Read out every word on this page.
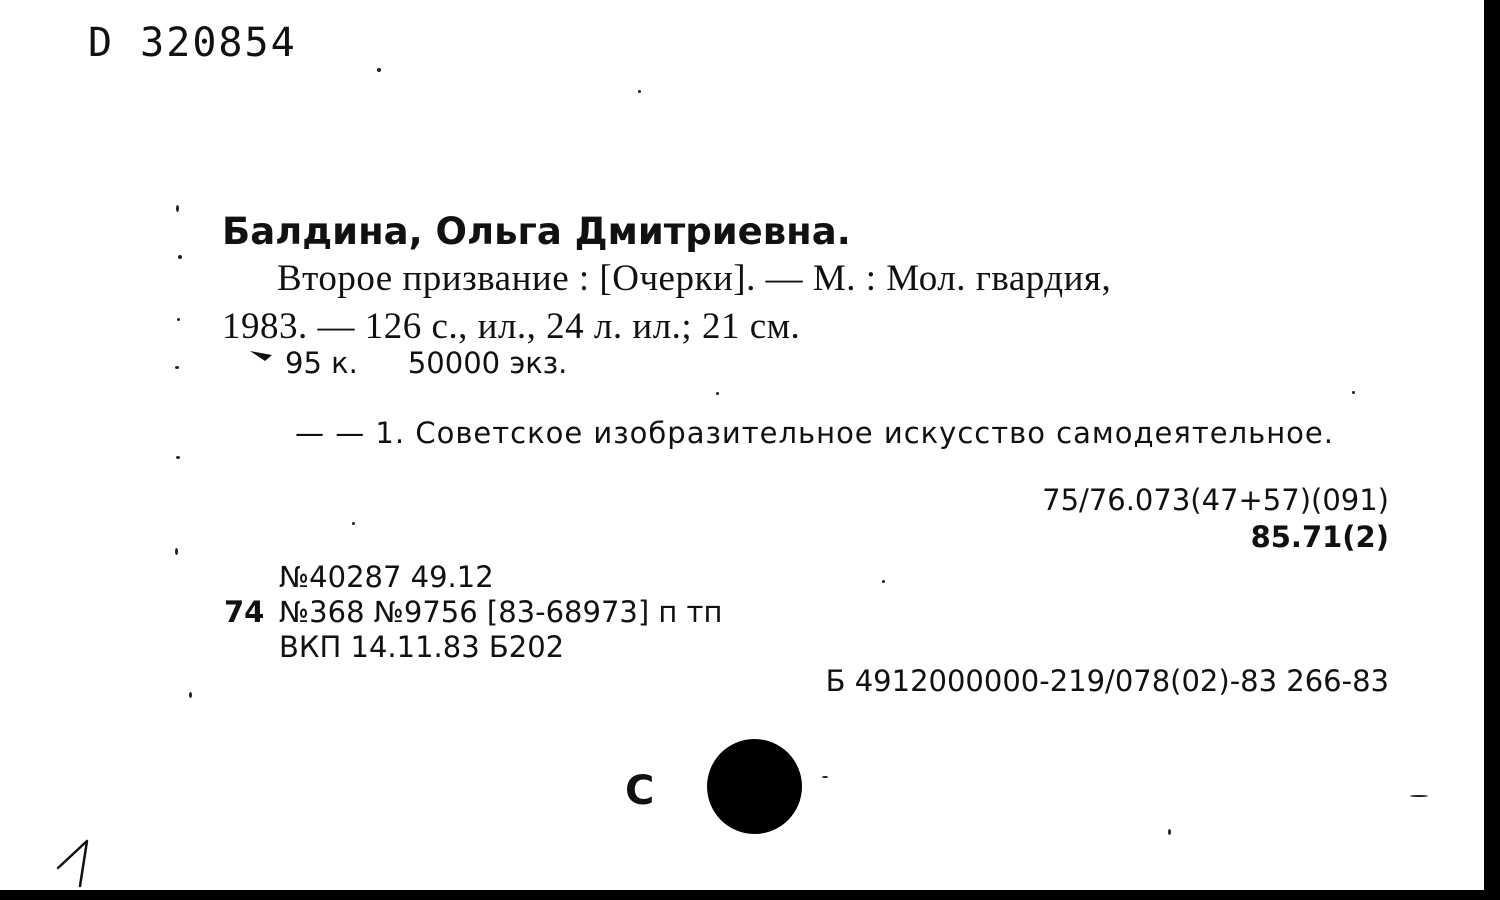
D 320854
Балдина, Ольга Дмитриевна.
Второе призвание : [Очерки]. — М. : Мол. гвардия,
1983. — 126 с., ил., 24 л. ил.; 21 см.
95 к. 50000 экз.
— — 1. Советское изобразительное искусство самодеятельное.
75/76.073(47+57)(091)
85.71(2)
№40287 49.12
74 №368 №9756 [83-68973] п тп
ВКП 14.11.83 Б202
Б 4912000000-219/078(02)-83 266-83
С
